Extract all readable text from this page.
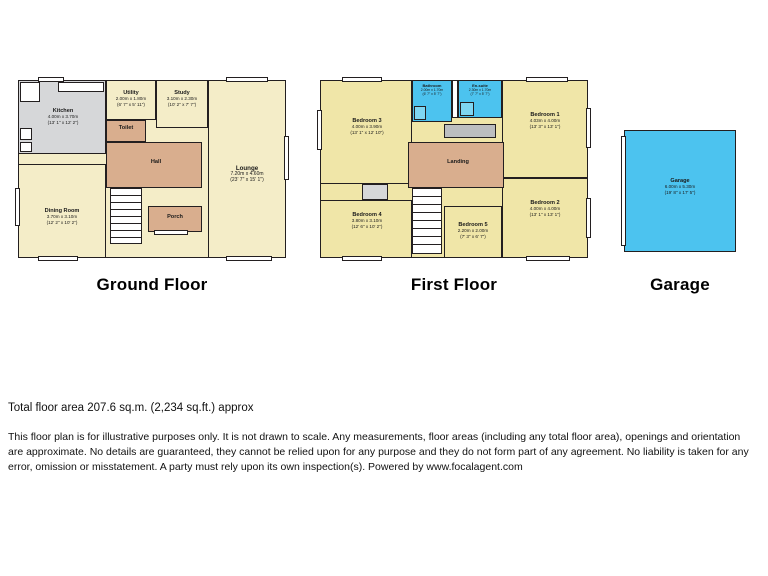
Kitchen
4.00m x 3.70m
(13' 1" x 12' 2")
Utility
2.00m x 1.80m
(6' 7" x 5' 11")
Study
3.10m x 2.30m
(10' 2" x 7' 7")
Toilet
Hall
Lounge
7.20m x 4.60m
(23' 7" x 15' 1")
Dining Room
3.70m x 3.10m
(12' 2" x 10' 2")
Porch
Ground Floor
Bedroom 3
4.00m x 3.90m
(13' 1" x 12' 10")
Bathroom
2.00m x 1.70m
(6' 7" x 5' 7")
En-suite
2.30m x 1.70m
(7' 7" x 5' 7")
Bedroom 1
4.03m x 4.00m
(13' 3" x 13' 1")
Landing
Bedroom 4
3.80m x 3.10m
(12' 6" x 10' 2")	Bedroom 5
2.20m x 2.00m
(7' 3" x 6' 7")
Bedroom 2
4.00m x 4.00m
(13' 1" x 13' 1")
First Floor
Garage
6.00m x 5.30m
(19' 8" x 17' 5")
Garage
Total floor area 207.6 sq.m. (2,234 sq.ft.) approx
This floor plan is for illustrative purposes only. It is not drawn to scale. Any measurements, floor areas (including any total floor area), openings and orientation are approximate. No details are guaranteed, they cannot be relied upon for any purpose and they do not form part of any agreement. No liability is taken for any error, omission or misstatement. A party must rely upon its own inspection(s). Powered by www.focalagent.com
